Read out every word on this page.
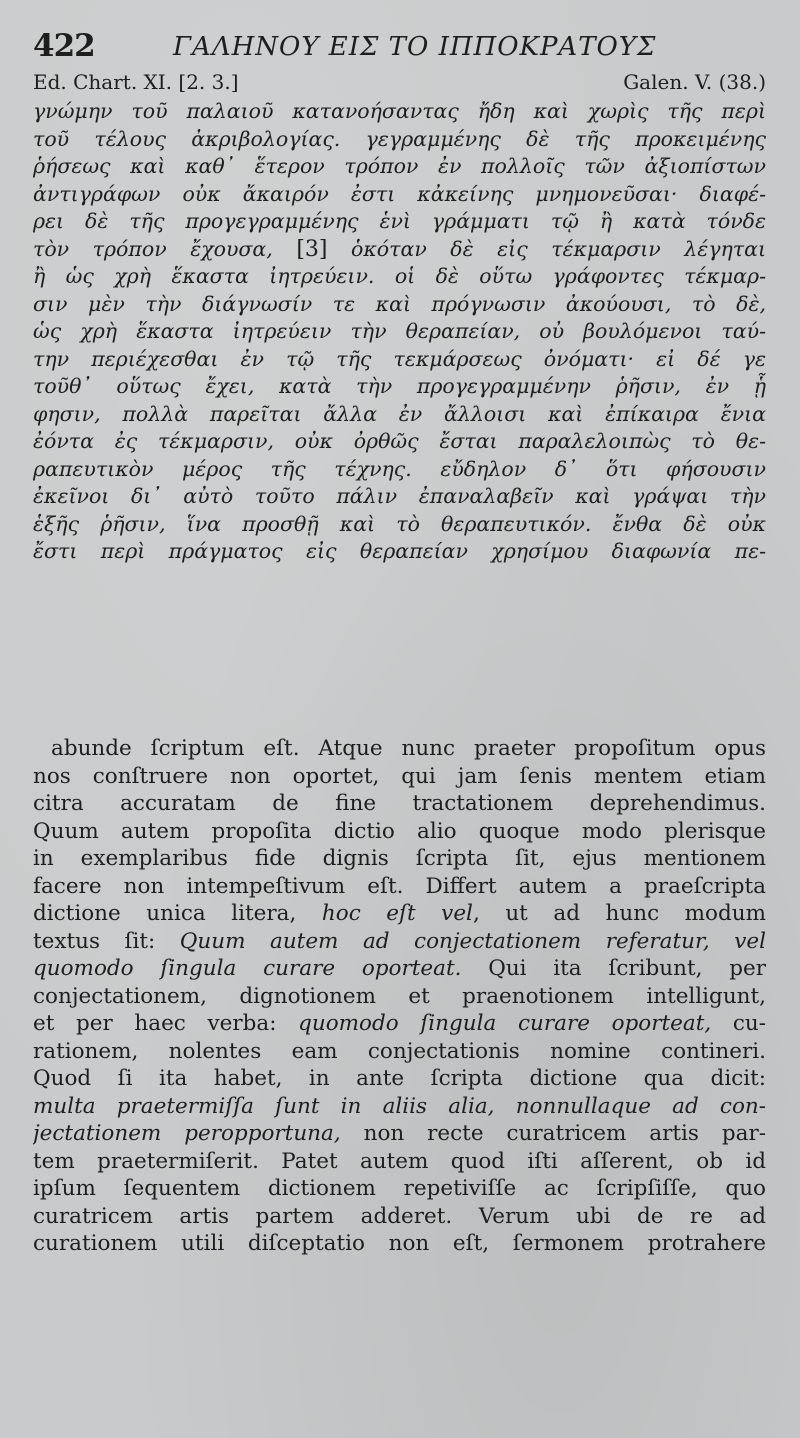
422	ΓΑΛΗΝΟΥ ΕΙΣ ΤΟ ΙΠΠΟΚΡΑΤΟΥΣ
Ed. Chart. XI. [2. 3.]	Galen. V. (38.)
γνώμην τοῦ παλαιοῦ κατανοήσαντας ἤδη καὶ χωρὶς τῆς περὶ
τοῦ τέλους ἀκριβολογίας. γεγραμμένης δὲ τῆς προκειμένης
ῥήσεως καὶ καθ᾽ ἕτερον τρόπον ἐν πολλοῖς τῶν ἀξιοπίστων
ἀντιγράφων οὐκ ἄκαιρόν ἐστι κἀκείνης μνημονεῦσαι· διαφέ-
ρει δὲ τῆς προγεγραμμένης ἑνὶ γράμματι τῷ ἢ κατὰ τόνδε
τὸν τρόπον ἔχουσα, [3] ὁκόταν δὲ εἰς τέκμαρσιν λέγηται
ἢ ὡς χρὴ ἕκαστα ἰητρεύειν. οἱ δὲ οὕτω γράφοντες τέκμαρ-
σιν μὲν τὴν διάγνωσίν τε καὶ πρόγνωσιν ἀκούουσι, τὸ δὲ,
ὡς χρὴ ἕκαστα ἰητρεύειν τὴν θεραπείαν, οὐ βουλόμενοι ταύ-
την περιέχεσθαι ἐν τῷ τῆς τεκμάρσεως ὀνόματι· εἰ δέ γε
τοῦθ᾽ οὕτως ἔχει, κατὰ τὴν προγεγραμμένην ῥῆσιν, ἐν ᾗ
φησιν, πολλὰ παρεῖται ἄλλα ἐν ἄλλοισι καὶ ἐπίκαιρα ἔνια
ἐόντα ἐς τέκμαρσιν, οὐκ ὀρθῶς ἔσται παραλελοιπὼς τὸ θε-
ραπευτικὸν μέρος τῆς τέχνης. εὔδηλον δ᾽ ὅτι φήσουσιν
ἐκεῖνοι δι᾽ αὐτὸ τοῦτο πάλιν ἐπαναλαβεῖν καὶ γράψαι τὴν
ἑξῆς ῥῆσιν, ἵνα προσθῇ καὶ τὸ θεραπευτικόν. ἔνθα δὲ οὐκ
ἔστι περὶ πράγματος εἰς θεραπείαν χρησίμου διαφωνία πε-
abunde ſcriptum eſt. Atque nunc praeter propoſitum opus
nos conſtruere non oportet, qui jam ſenis mentem etiam
citra accuratam de fine tractationem deprehendimus.
Quum autem propoſita dictio alio quoque modo plerisque
in exemplaribus fide dignis ſcripta ſit, ejus mentionem
facere non intempeſtivum eſt. Differt autem a praeſcripta
dictione unica litera, hoc eſt vel, ut ad hunc modum
textus ſit: Quum autem ad conjectationem referatur, vel
quomodo ſingula curare oporteat. Qui ita ſcribunt, per
conjectationem, dignotionem et praenotionem intelligunt,
et per haec verba: quomodo ſingula curare oporteat, cu-
rationem, nolentes eam conjectationis nomine contineri.
Quod ſi ita habet, in ante ſcripta dictione qua dicit:
multa praetermiſſa ſunt in aliis alia, nonnullaque ad con-
jectationem peropportuna, non recte curatricem artis par-
tem praetermiſerit. Patet autem quod iſti aſſerent, ob id
ipſum ſequentem dictionem repetiviſſe ac ſcripſiſſe, quo
curatricem artis partem adderet. Verum ubi de re ad
curationem utili diſceptatio non eſt, ſermonem protrahere
